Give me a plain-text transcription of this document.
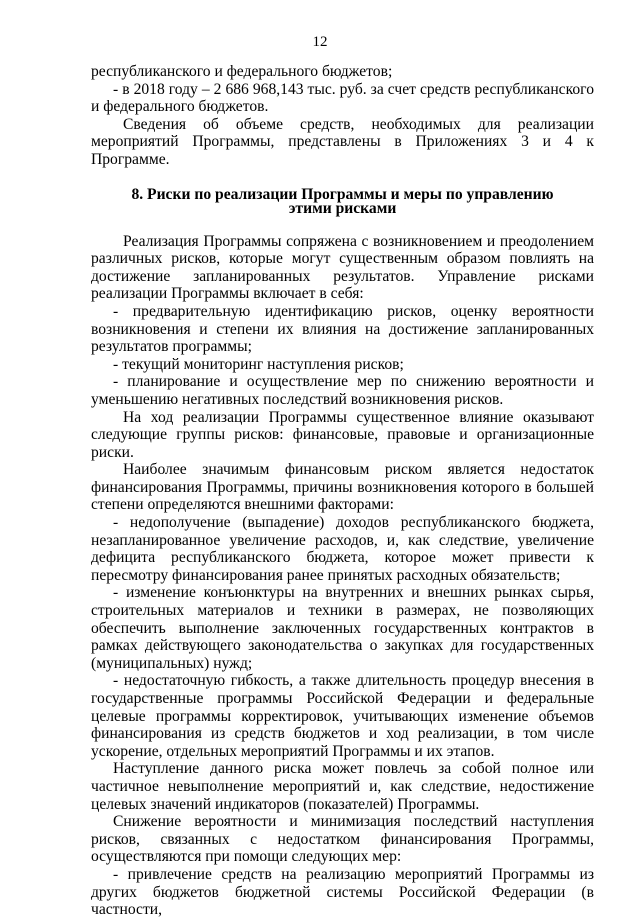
12

республиканского и федерального бюджетов;

- в 2018 году – 2 686 968,143 тыс. руб. за счет средств республиканского и федерального бюджетов.

Сведения об объеме средств, необходимых для реализации мероприятий Программы, представлены в Приложениях 3 и 4 к Программе.

8. Риски по реализации Программы и меры по управлению
этими рисками

Реализация Программы сопряжена с возникновением и преодолением различных рисков, которые могут существенным образом повлиять на достижение запланированных результатов. Управление рисками реализации Программы включает в себя:

- предварительную идентификацию рисков, оценку вероятности возникновения и степени их влияния на достижение запланированных результатов программы;

- текущий мониторинг наступления рисков;

- планирование и осуществление мер по снижению вероятности и уменьшению негативных последствий возникновения рисков.

На ход реализации Программы существенное влияние оказывают следующие группы рисков: финансовые, правовые и организационные риски.

Наиболее значимым финансовым риском является недостаток финансирования Программы, причины возникновения которого в большей степени определяются внешними факторами:

- недополучение (выпадение) доходов республиканского бюджета, незапланированное увеличение расходов, и, как следствие, увеличение дефицита республиканского бюджета, которое может привести к пересмотру финансирования ранее принятых расходных обязательств;

- изменение конъюнктуры на внутренних и внешних рынках сырья, строительных материалов и техники в размерах, не позволяющих обеспечить выполнение заключенных государственных контрактов в рамках действующего законодательства о закупках для государственных (муниципальных) нужд;

- недостаточную гибкость, а также длительность процедур внесения в государственные программы Российской Федерации и федеральные целевые программы корректировок, учитывающих изменение объемов финансирования из средств бюджетов и ход реализации, в том числе ускорение, отдельных мероприятий Программы и их этапов.

Наступление данного риска может повлечь за собой полное или частичное невыполнение мероприятий и, как следствие, недостижение целевых значений индикаторов (показателей) Программы.

Снижение вероятности и минимизация последствий наступления рисков, связанных с недостатком финансирования Программы, осуществляются при помощи следующих мер:

- привлечение средств на реализацию мероприятий Программы из других бюджетов бюджетной системы Российской Федерации (в частности,
